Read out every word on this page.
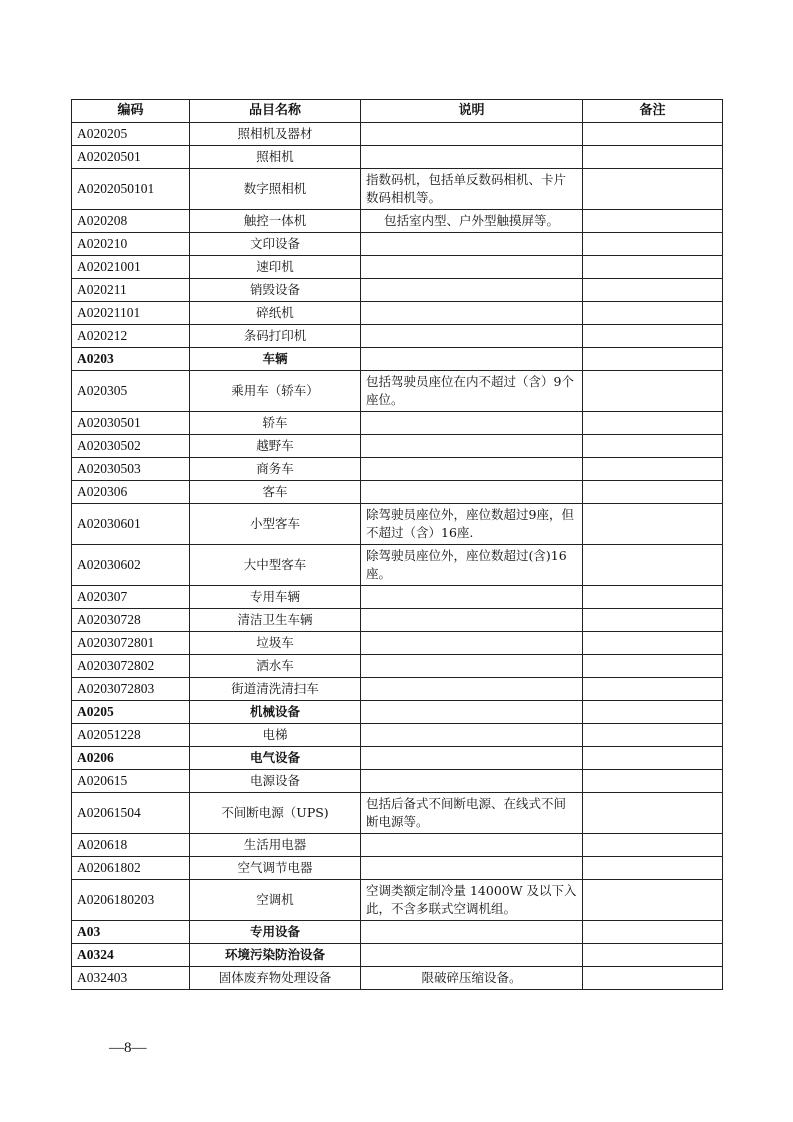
编码	品目名称	说明	备注
A020205	照相机及器材		
A02020501	照相机		
A0202050101	数字照相机	指数码机，包括单反数码相机、卡片数码相机等。	
A020208	触控一体机	包括室内型、户外型触摸屏等。	
A020210	文印设备		
A02021001	速印机		
A020211	销毁设备		
A02021101	碎纸机		
A020212	条码打印机		
A0203	车辆		
A020305	乘用车（轿车）	包括驾驶员座位在内不超过（含）9个座位。	
A02030501	轿车		
A02030502	越野车		
A02030503	商务车		
A020306	客车		
A02030601	小型客车	除驾驶员座位外，座位数超过9座，但不超过（含）16座.	
A02030602	大中型客车	除驾驶员座位外，座位数超过(含)16座。	
A020307	专用车辆		
A02030728	清洁卫生车辆		
A0203072801	垃圾车		
A0203072802	洒水车		
A0203072803	街道清洗清扫车		
A0205	机械设备		
A02051228	电梯		
A0206	电气设备		
A020615	电源设备		
A02061504	不间断电源（UPS)	包括后备式不间断电源、在线式不间断电源等。	
A020618	生活用电器		
A02061802	空气调节电器		
A0206180203	空调机	空调类额定制冷量 14000W 及以下入此，不含多联式空调机组。	
A03	专用设备		
A0324	环境污染防治设备		
A032403	固体废弃物处理设备	限破碎压缩设备。	
—8—
